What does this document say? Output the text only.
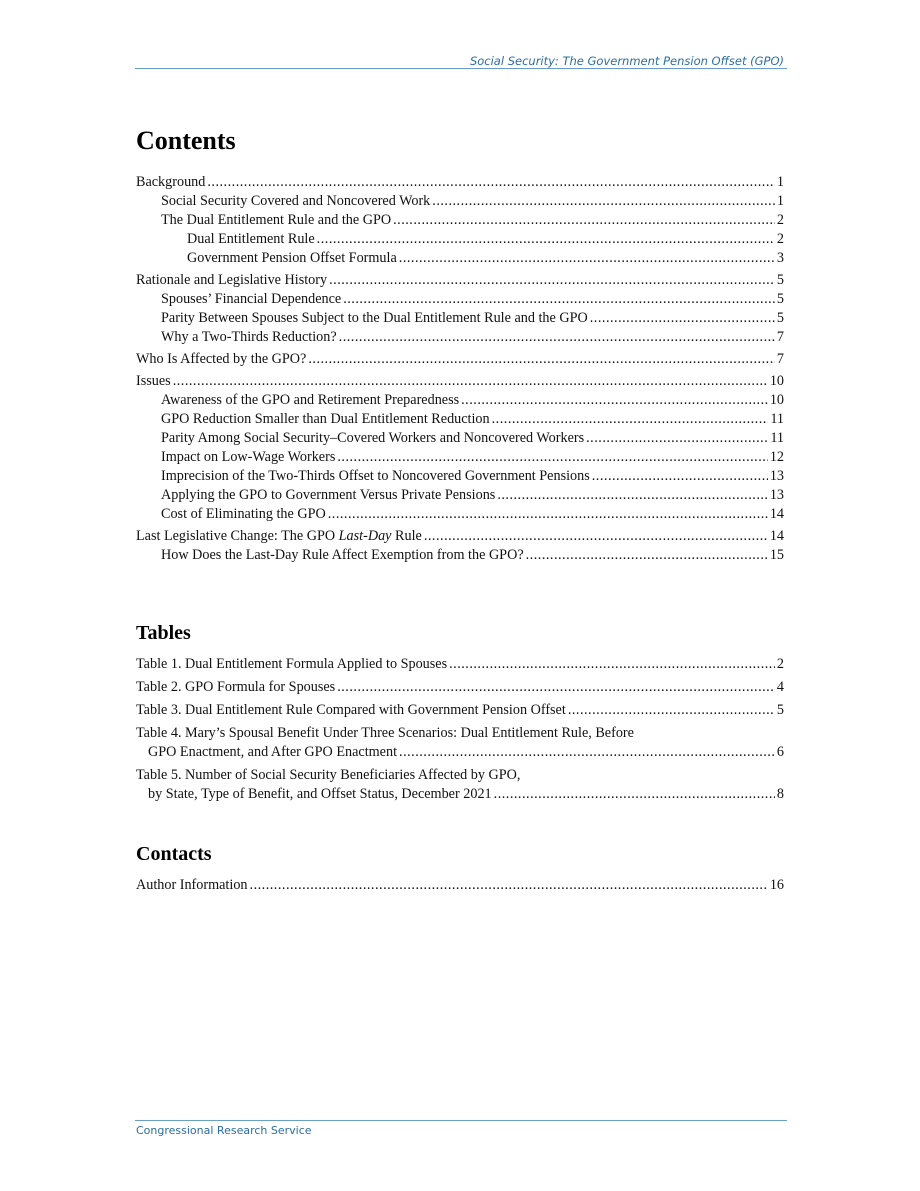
Social Security: The Government Pension Offset (GPO)
Contents
Background .....	1
Social Security Covered and Noncovered Work .....	1
The Dual Entitlement Rule and the GPO .....	2
Dual Entitlement Rule .....	2
Government Pension Offset Formula .....	3
Rationale and Legislative History .....	5
Spouses’ Financial Dependence .....	5
Parity Between Spouses Subject to the Dual Entitlement Rule and the GPO .....	5
Why a Two-Thirds Reduction? .....	7
Who Is Affected by the GPO? .....	7
Issues .....	10
Awareness of the GPO and Retirement Preparedness .....	10
GPO Reduction Smaller than Dual Entitlement Reduction .....	11
Parity Among Social Security–Covered Workers and Noncovered Workers .....	11
Impact on Low-Wage Workers .....	12
Imprecision of the Two-Thirds Offset to Noncovered Government Pensions .....	13
Applying the GPO to Government Versus Private Pensions .....	13
Cost of Eliminating the GPO .....	14
Last Legislative Change: The GPO Last-Day Rule .....	14
How Does the Last-Day Rule Affect Exemption from the GPO? .....	15
Tables
Table 1. Dual Entitlement Formula Applied to Spouses .....	2
Table 2. GPO Formula for Spouses .....	4
Table 3. Dual Entitlement Rule Compared with Government Pension Offset .....	5
Table 4. Mary’s Spousal Benefit Under Three Scenarios: Dual Entitlement Rule, Before
GPO Enactment, and After GPO Enactment .....	6
Table 5. Number of Social Security Beneficiaries Affected by GPO,
by State, Type of Benefit, and Offset Status, December 2021 .....	8
Contacts
Author Information .....	16
Congressional Research Service
